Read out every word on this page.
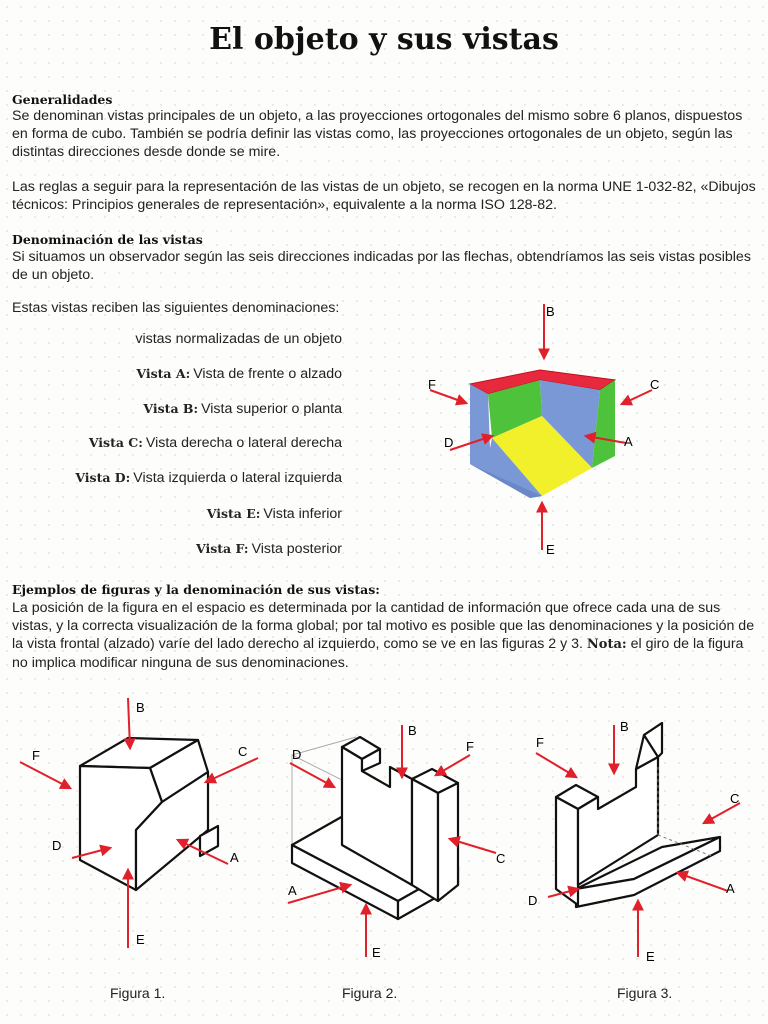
El objeto y sus vistas
Generalidades
Se denominan vistas principales de un objeto, a las proyecciones ortogonales del mismo sobre 6 planos, dispuestos en forma de cubo. También se podría definir las vistas como, las proyecciones ortogonales de un objeto, según las distintas direcciones desde donde se mire.
Las reglas a seguir para la representación de las vistas de un objeto, se recogen en la norma UNE 1-032-82, «Dibujos técnicos: Principios generales de representación», equivalente a la norma ISO 128-82.
Denominación de las vistas
Si situamos un observador según las seis direcciones indicadas por las flechas, obtendríamos las seis vistas posibles de un objeto.
Estas vistas reciben las siguientes denominaciones:
vistas normalizadas de un objeto
Vista A: Vista de frente o alzado
Vista B: Vista superior o planta
Vista C: Vista derecha o lateral derecha
Vista D: Vista izquierda o lateral izquierda
Vista E: Vista inferior
Vista F: Vista posterior
B
E
F	C
D	A
Ejemplos de figuras y la denominación de sus vistas:
La posición de la figura en el espacio es determinada por la cantidad de información que ofrece cada una de sus vistas, y la correcta visualización de la forma global; por tal motivo es posible que las denominaciones y la posición de la vista frontal (alzado) varíe del lado derecho al izquierdo, como se ve en las figuras 2 y 3. Nota: el giro de la figura no implica modificar ninguna de sus denominaciones.
B
E
F	C
D
A
B
E
D
F
A
C
B
E
F
C
D
A
Figura 1.	Figura 2.	Figura 3.
